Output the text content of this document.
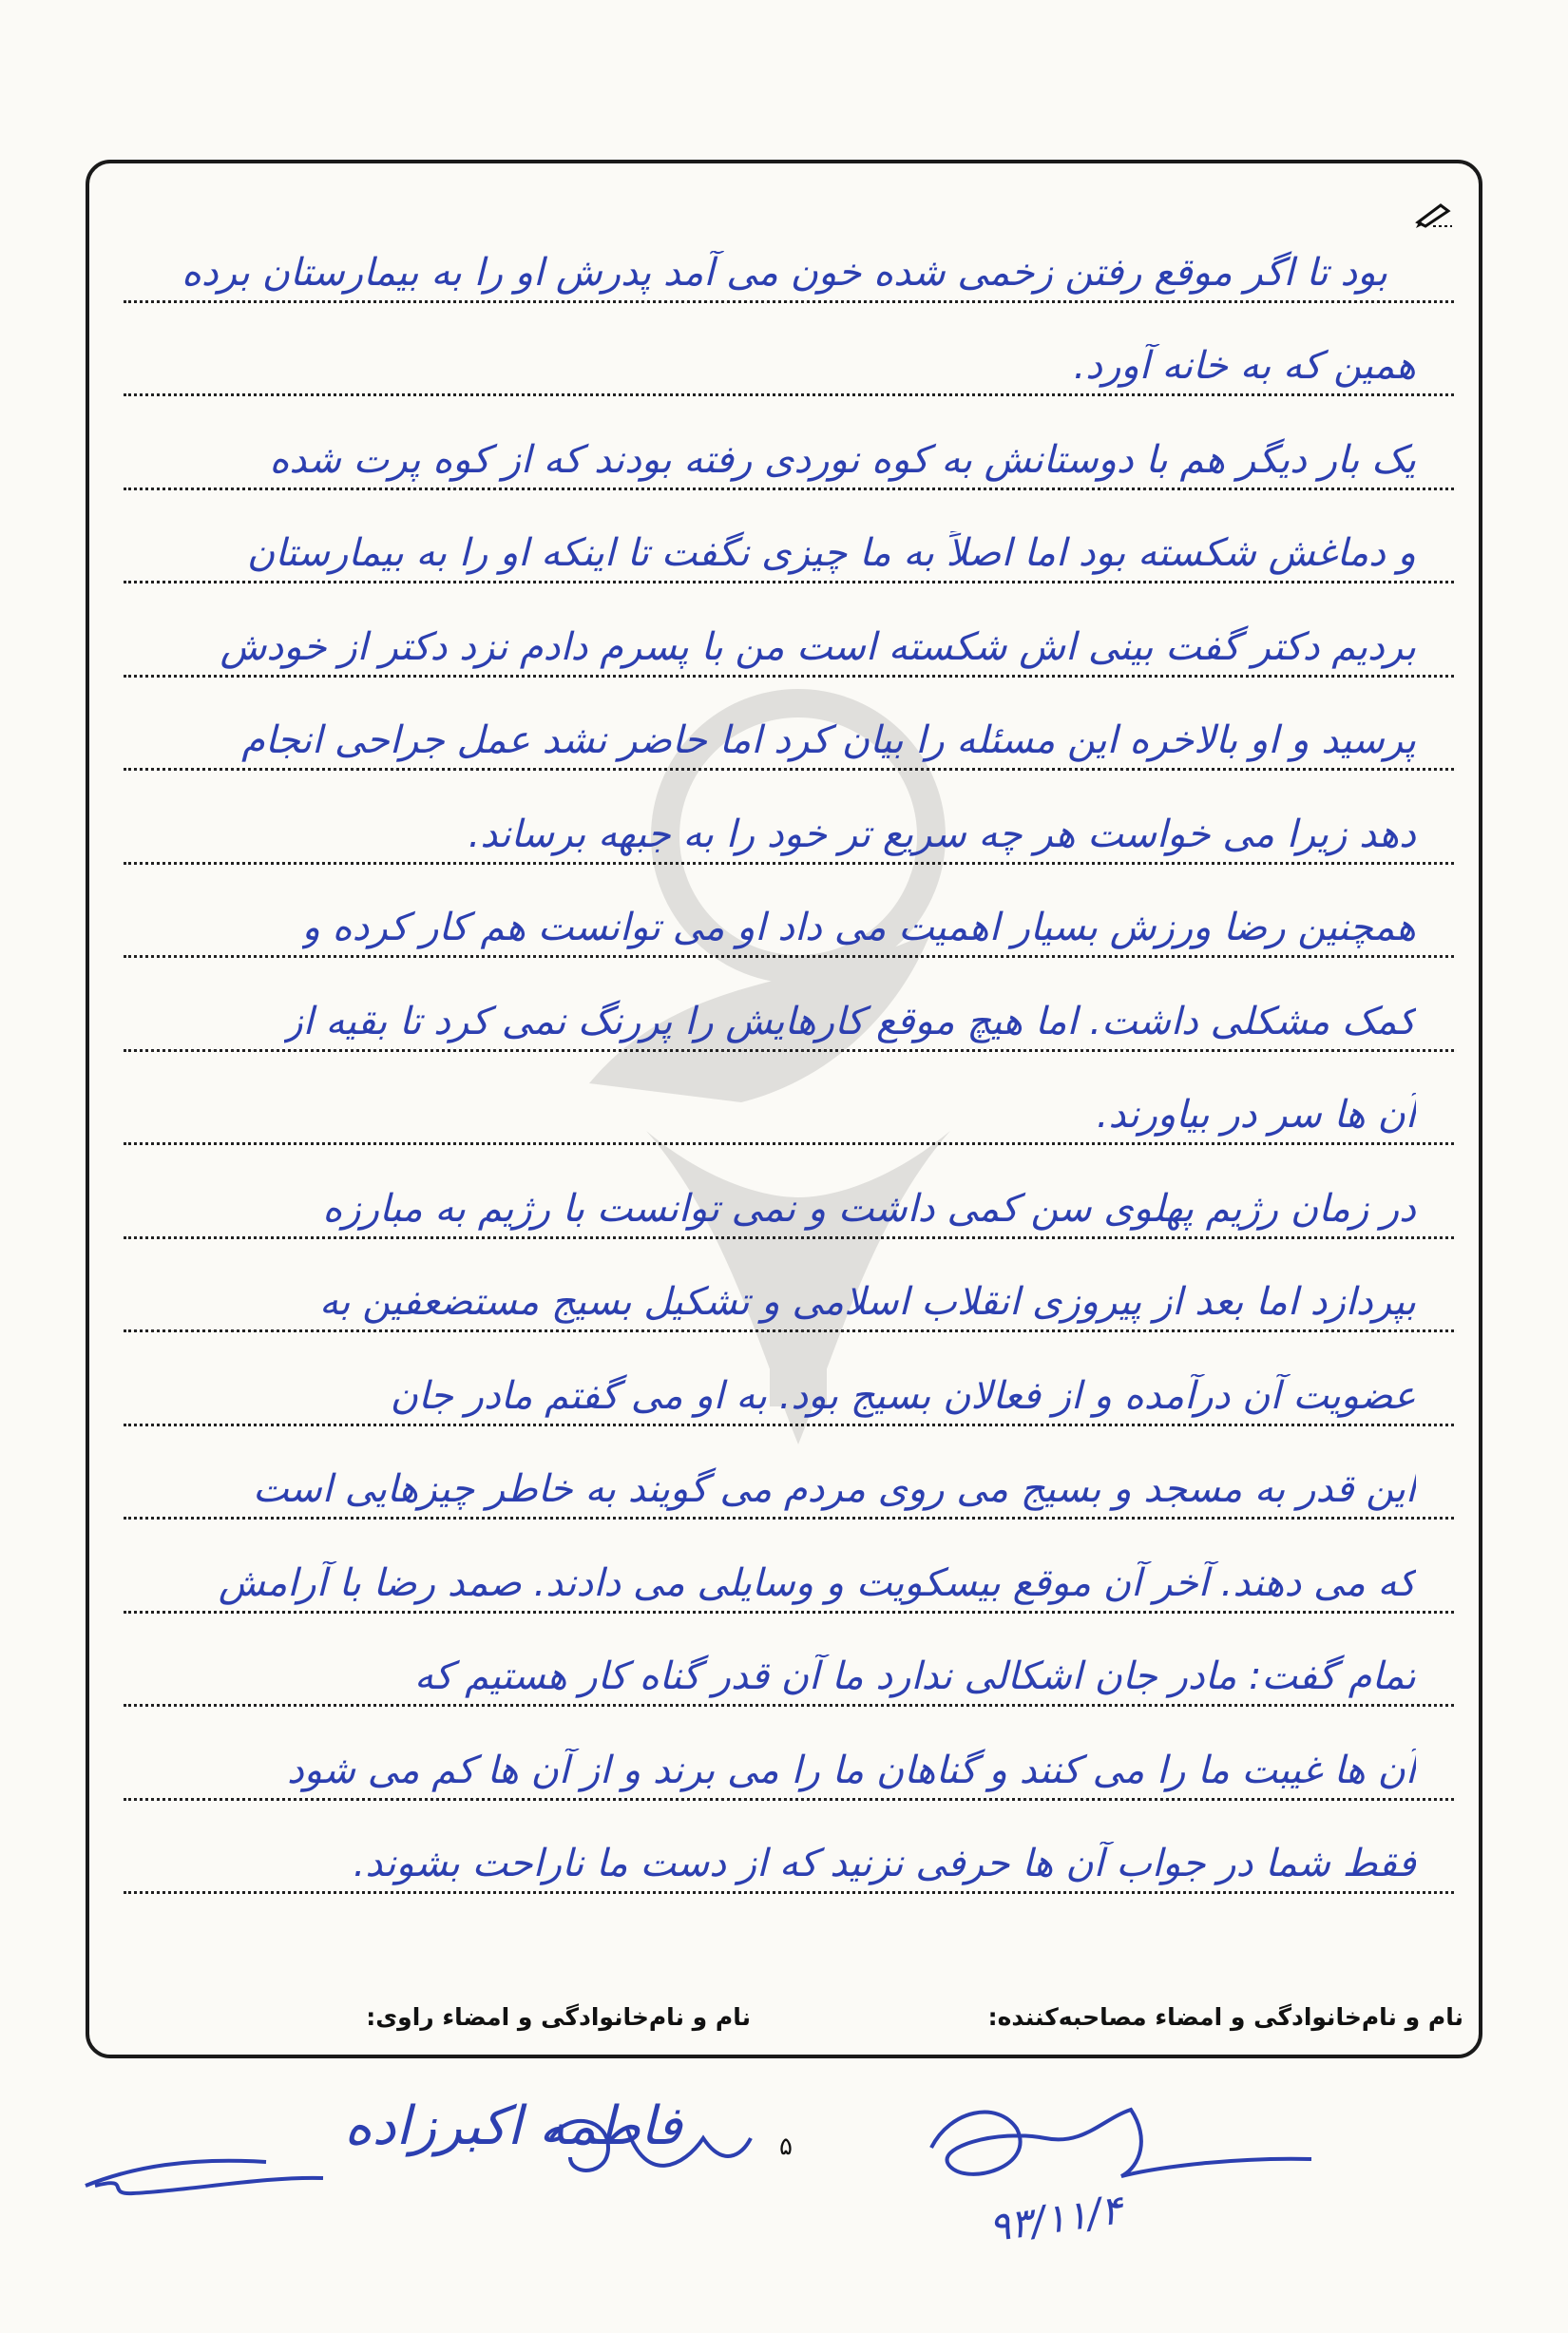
بود تا اگر موقع رفتن زخمی شده خون می آمد پدرش او را به بیمارستان برده
همین که به خانه آورد.
یک بار دیگر هم با دوستانش به کوه نوردی رفته بودند که از کوه پرت شده
و دماغش شکسته بود اما اصلاً به ما چیزی نگفت تا اینکه او را به بیمارستان
بردیم دکتر گفت بینی اش شکسته است من با پسرم دادم نزد دکتر از خودش
پرسید و او بالاخره این مسئله را بیان کرد اما حاضر نشد عمل جراحی انجام
دهد زیرا می خواست هر چه سریع تر خود را به جبهه برساند.
همچنین رضا ورزش بسیار اهمیت می داد او می توانست هم کار کرده و
کمک مشکلی داشت. اما هیچ موقع کارهایش را پررنگ نمی کرد تا بقیه از
آن ها سر در بیاورند.
در زمان رژیم پهلوی سن کمی داشت و نمی توانست با رژیم به مبارزه
بپردازد اما بعد از پیروزی انقلاب اسلامی و تشکیل بسیج مستضعفین به
عضویت آن درآمده و از فعالان بسیج بود. به او می گفتم مادر جان
این قدر به مسجد و بسیج می روی مردم می گویند به خاطر چیزهایی است
که می دهند. آخر آن موقع بیسکویت و وسایلی می دادند. صمد رضا با آرامش
تمام گفت: مادر جان اشکالی ندارد ما آن قدر گناه کار هستیم که
آن ها غیبت ما را می کنند و گناهان ما را می برند و از آن ها کم می شود
فقط شما در جواب آن ها حرفی نزنید که از دست ما ناراحت بشوند.
نام و نام‌خانوادگی و امضاء مصاحبه‌کننده:
نام و نام‌خانوادگی و امضاء راوی:
۵
۹۳/۱۱/۴
فاطمه اکبرزاده
